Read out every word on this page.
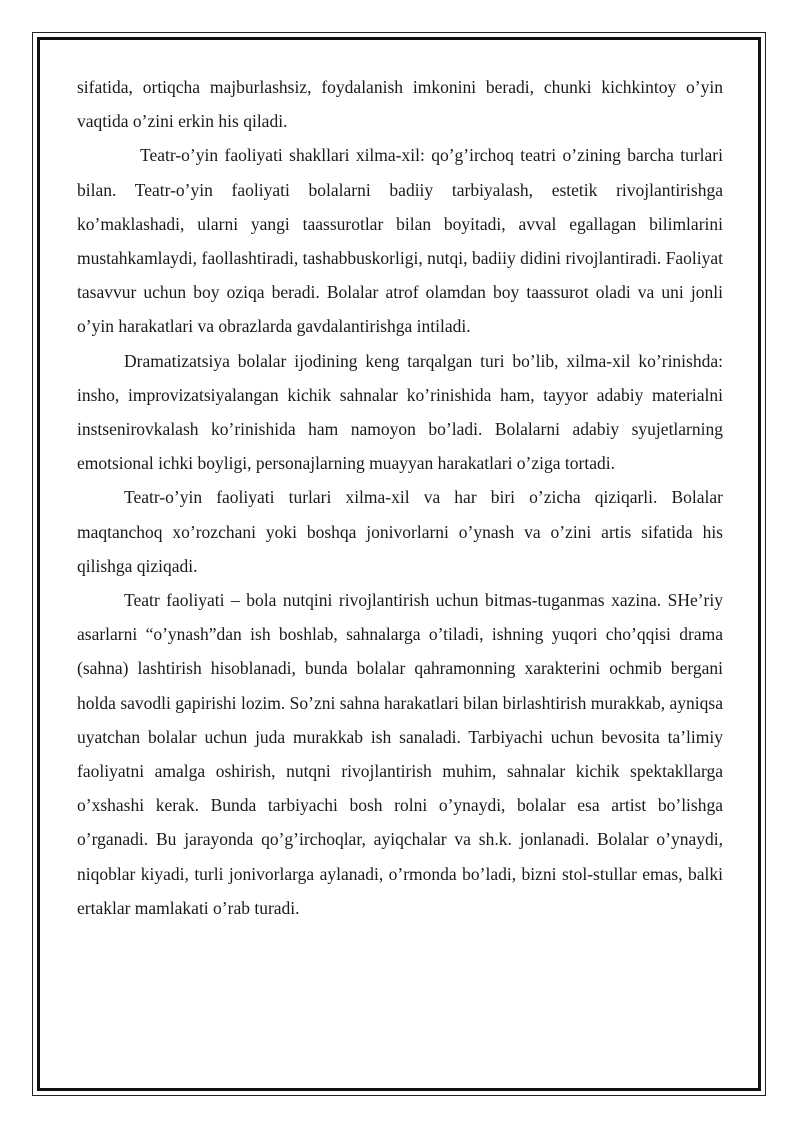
sifatida, ortiqcha majburlashsiz, foydalanish imkonini beradi, chunki kichkintoy o’yin vaqtida o’zini erkin his qiladi.

Teatr-o’yin faoliyati shakllari xilma-xil: qo’g’irchoq teatri o’zining barcha turlari bilan. Teatr-o’yin faoliyati bolalarni badiiy tarbiyalash, estetik rivojlantirishga ko’maklashadi, ularni yangi taassurotlar bilan boyitadi, avval egallagan bilimlarini mustahkamlaydi, faollashtiradi, tashabbuskorligi, nutqi, badiiy didini rivojlantiradi. Faoliyat tasavvur uchun boy oziqa beradi. Bolalar atrof olamdan boy taassurot oladi va uni jonli o’yin harakatlari va obrazlarda gavdalantirishga intiladi.

Dramatizatsiya bolalar ijodining keng tarqalgan turi bo’lib, xilma-xil ko’rinishda: insho, improvizatsiyalangan kichik sahnalar ko’rinishida ham, tayyor adabiy materialni instsenirovkalash ko’rinishida ham namoyon bo’ladi. Bolalarni adabiy syujetlarning emotsional ichki boyligi, personajlarning muayyan harakatlari o’ziga tortadi.

Teatr-o’yin faoliyati turlari xilma-xil va har biri o’zicha qiziqarli. Bolalar maqtanchoq xo’rozchani yoki boshqa jonivorlarni o’ynash va o’zini artis sifatida his qilishga qiziqadi.

Teatr faoliyati – bola nutqini rivojlantirish uchun bitmas-tuganmas xazina. SHe’riy asarlarni “o’ynash”dan ish boshlab, sahnalarga o’tiladi, ishning yuqori cho’qqisi drama (sahna) lashtirish hisoblanadi, bunda bolalar qahramonning xarakterini ochmib bergani holda savodli gapirishi lozim. So’zni sahna harakatlari bilan birlashtirish murakkab, ayniqsa uyatchan bolalar uchun juda murakkab ish sanaladi. Tarbiyachi uchun bevosita ta’limiy faoliyatni amalga oshirish, nutqni rivojlantirish muhim, sahnalar kichik spektakllarga o’xshashi kerak. Bunda tarbiyachi bosh rolni o’ynaydi, bolalar esa artist bo’lishga o’rganadi. Bu jarayonda qo’g’irchoqlar, ayiqchalar va sh.k. jonlanadi. Bolalar o’ynaydi, niqoblar kiyadi, turli jonivorlarga aylanadi, o’rmonda bo’ladi, bizni stol-stullar emas, balki ertaklar mamlakati o’rab turadi.
